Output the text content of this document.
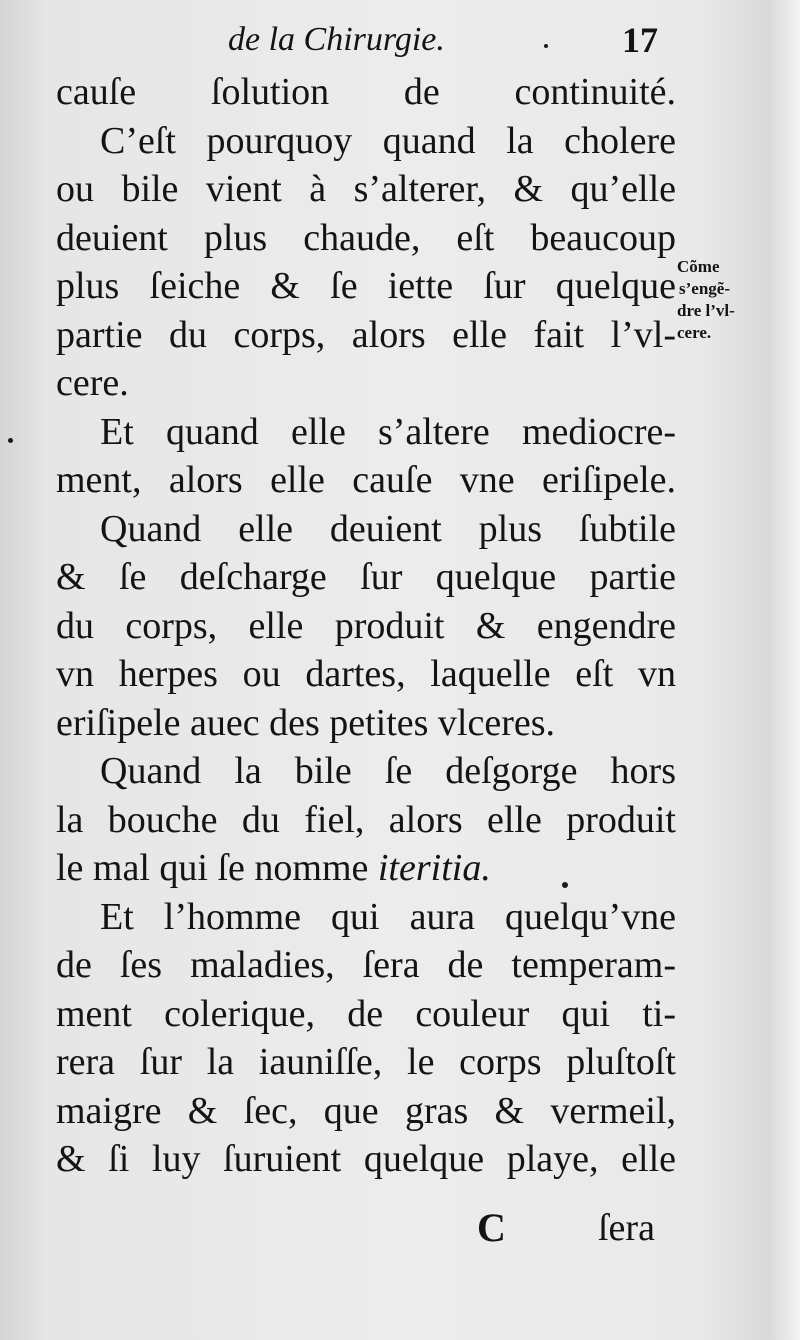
de la Chirurgie.	17
cauſe ſolution de continuité.
C’eſt pourquoy quand la cholere
ou bile vient à s’alterer, & qu’elle
deuient plus chaude, eſt beaucoup
plus ſeiche & ſe iette ſur quelque
partie du corps, alors elle fait l’vl-
cere.
Et quand elle s’altere mediocre-
ment, alors elle cauſe vne eriſipele.
Quand elle deuient plus ſubtile
& ſe deſcharge ſur quelque partie
du corps, elle produit & engendre
vn herpes ou dartes, laquelle eſt vn
eriſipele auec des petites vlceres.
Quand la bile ſe deſgorge hors
la bouche du fiel, alors elle produit
le mal qui ſe nomme iteritia.
Et l’homme qui aura quelqu’vne
de ſes maladies, ſera de temperam-
ment colerique, de couleur qui ti-
rera ſur la iauniſſe, le corps pluſtoſt
maigre & ſec, que gras & vermeil,
& ſi luy ſuruient quelque playe, elle
Cõme
s’engẽ-
dre l’vl-
cere.
C ſera
